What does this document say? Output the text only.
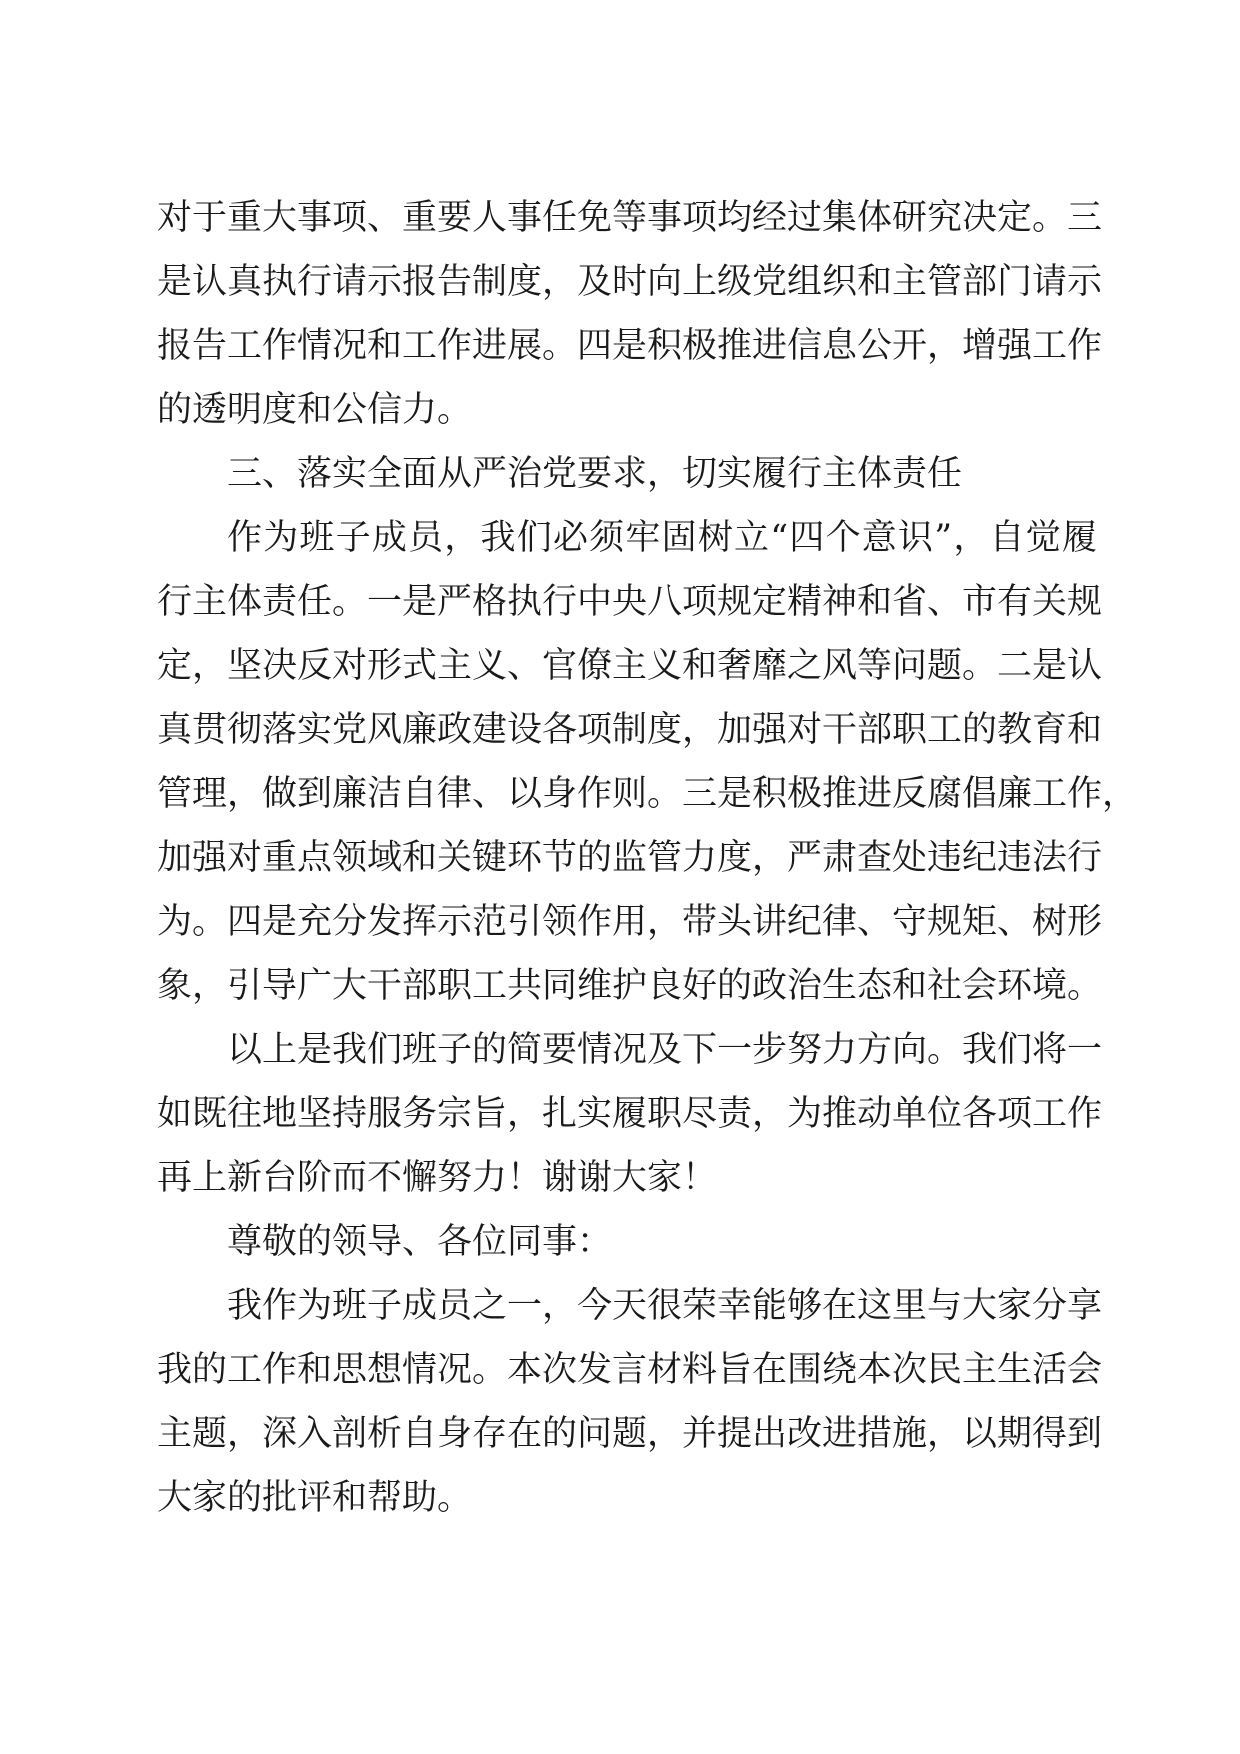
对于重大事项、重要人事任免等事项均经过集体研究决定。三
是认真执行请示报告制度，及时向上级党组织和主管部门请示
报告工作情况和工作进展。四是积极推进信息公开，增强工作
的透明度和公信力。
三、落实全面从严治党要求，切实履行主体责任
作为班子成员，我们必须牢固树立“四个意识”，自觉履
行主体责任。一是严格执行中央八项规定精神和省、市有关规
定，坚决反对形式主义、官僚主义和奢靡之风等问题。二是认
真贯彻落实党风廉政建设各项制度，加强对干部职工的教育和
管理，做到廉洁自律、以身作则。三是积极推进反腐倡廉工作，
加强对重点领域和关键环节的监管力度，严肃查处违纪违法行
为。四是充分发挥示范引领作用，带头讲纪律、守规矩、树形
象，引导广大干部职工共同维护良好的政治生态和社会环境。
以上是我们班子的简要情况及下一步努力方向。我们将一
如既往地坚持服务宗旨，扎实履职尽责，为推动单位各项工作
再上新台阶而不懈努力！谢谢大家！
尊敬的领导、各位同事：
我作为班子成员之一，今天很荣幸能够在这里与大家分享
我的工作和思想情况。本次发言材料旨在围绕本次民主生活会
主题，深入剖析自身存在的问题，并提出改进措施，以期得到
大家的批评和帮助。
